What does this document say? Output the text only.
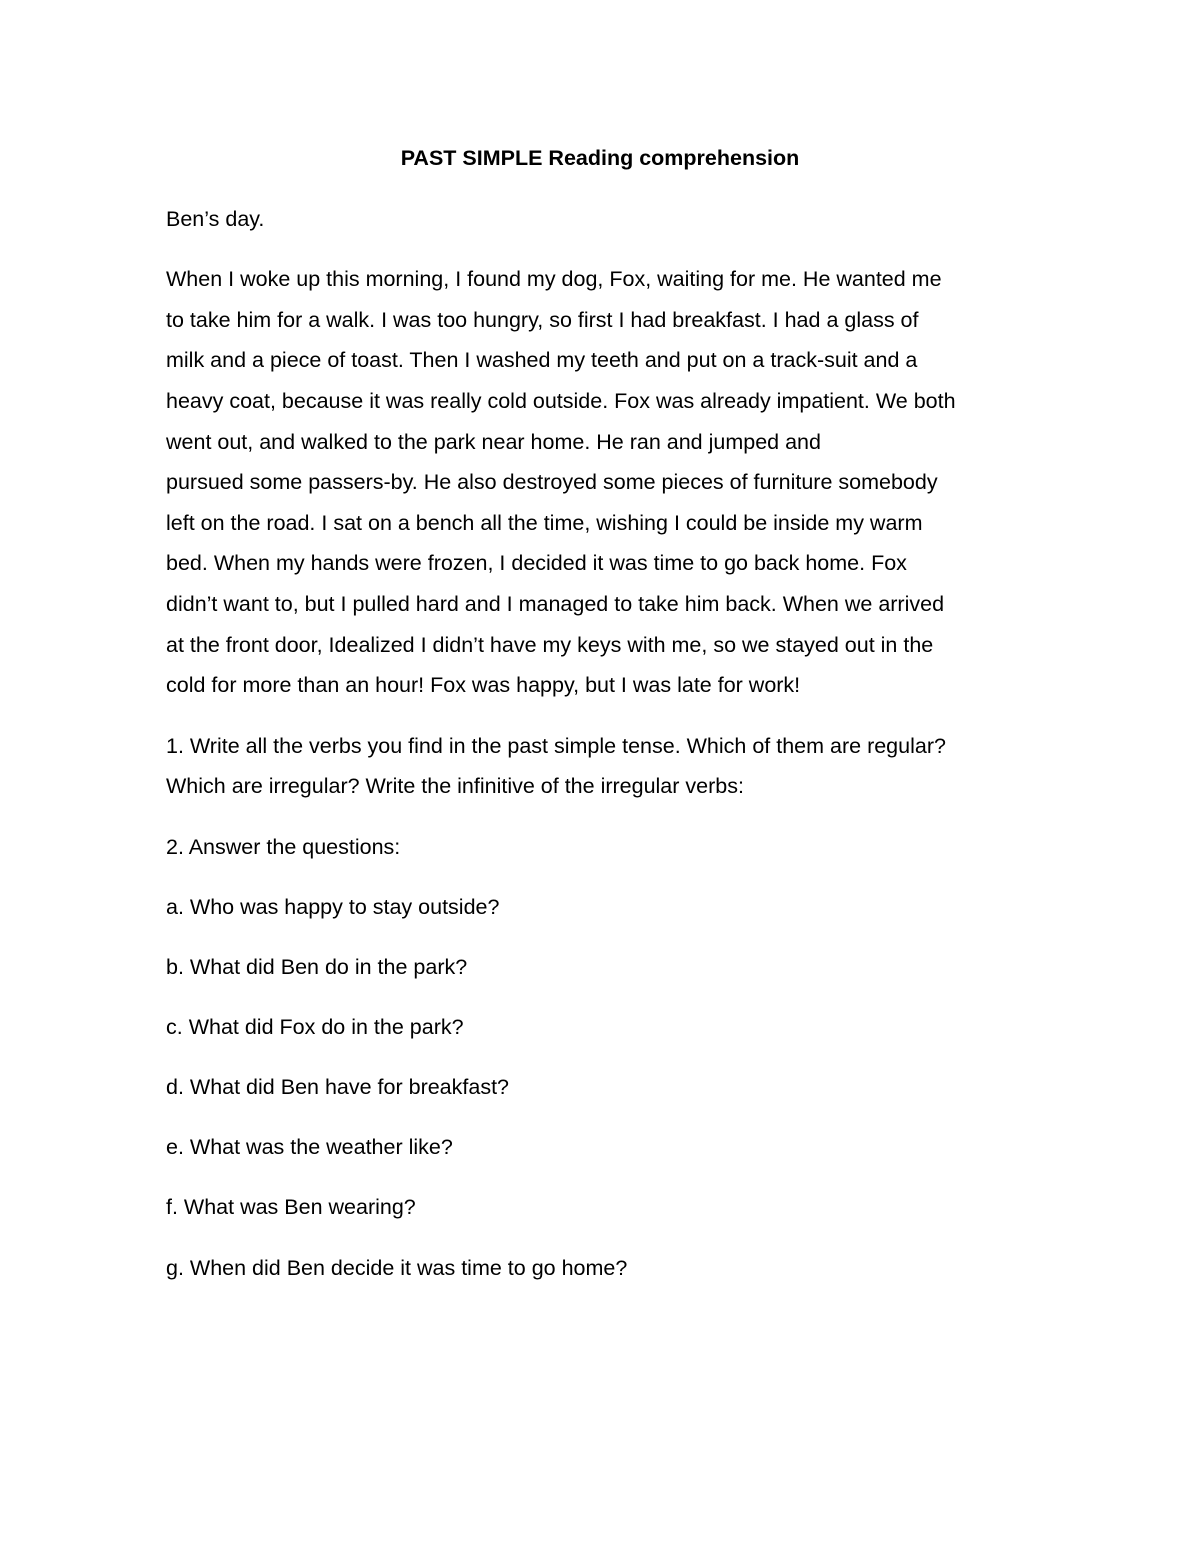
PAST SIMPLE Reading comprehension
Ben’s day.
When I woke up this morning, I found my dog, Fox, waiting for me. He wanted me
to take him for a walk. I was too hungry, so first I had breakfast. I had a glass of
milk and a piece of toast. Then I washed my teeth and put on a track-suit and a
heavy coat, because it was really cold outside. Fox was already impatient. We both
went out, and walked to the park near home. He ran and jumped and
pursued some passers-by. He also destroyed some pieces of furniture somebody
left on the road. I sat on a bench all the time, wishing I could be inside my warm
bed. When my hands were frozen, I decided it was time to go back home. Fox
didn’t want to, but I pulled hard and I managed to take him back. When we arrived
at the front door, Idealized I didn’t have my keys with me, so we stayed out in the
cold for more than an hour! Fox was happy, but I was late for work!
1. Write all the verbs you find in the past simple tense. Which of them are regular?
Which are irregular? Write the infinitive of the irregular verbs:
2. Answer the questions:
a. Who was happy to stay outside?
b. What did Ben do in the park?
c. What did Fox do in the park?
d. What did Ben have for breakfast?
e. What was the weather like?
f. What was Ben wearing?
g. When did Ben decide it was time to go home?
